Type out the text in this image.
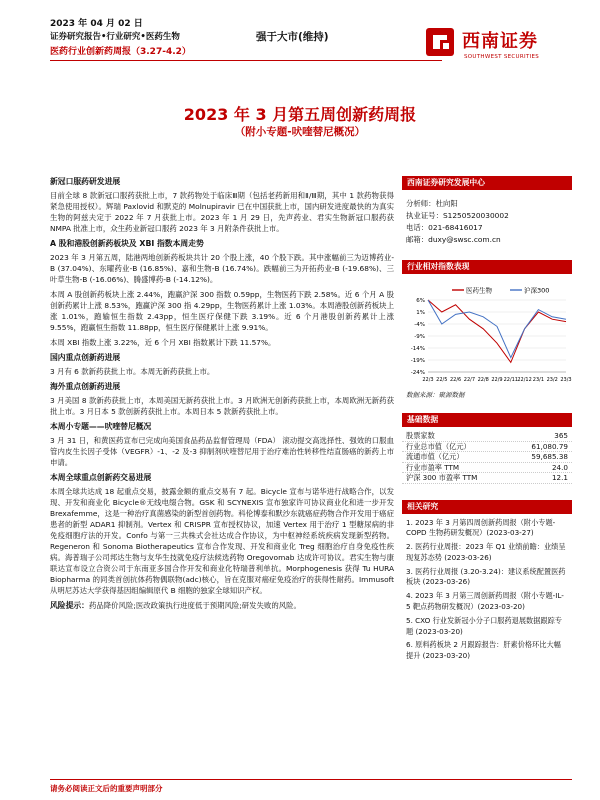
2023 年 04 月 02 日
证券研究报告•行业研究•医药生物
医药行业创新药周报（3.27-4.2）
强于大市(维持)	西南证券
SOUTHWEST SECURITIES
2023 年 3 月第五周创新药周报
（附小专题-吠喹替尼概况）
新冠口服药研发进展
目前全球 8 款新冠口服药获批上市，7 款药物处于临床Ⅲ期（包括老药新用和Ⅱ/Ⅲ期，其中 1 款药物获得紧急使用授权）。辉瑞 Paxlovid 和默克的 Molnupiravir 已在中国获批上市，国内研发进度最快的为真实生物的阿兹夫定于 2022 年 7 月获批上市。2023 年 1 月 29 日，先声药业、君实生物新冠口服药获 NMPA 批准上市，众生药业新冠口服药 2023 年 3 月附条件获批上市。
A 股和港股创新药板块及 XBI 指数本周走势
2023 年 3 月第五周，陆港两地创新药板块共计 20 个股上涨，40 个股下跌。其中涨幅前三为迈博药业-B (37.04%)、东曜药业-B (16.85%)、嘉和生物-B (16.74%)。跌幅前三为开拓药业-B (-19.68%)、三叶草生物-B (-16.06%)、腾盛博药-B (-14.12%)。
本周 A 股创新药板块上涨 2.44%，跑赢沪深 300 指数 0.59pp，生物医药下跌 2.58%。近 6 个月 A 股创新药累计上涨 8.53%，跑赢沪深 300 指 4.29pp，生物医药累计上涨 1.03%。本周港股创新药板块上涨 1.01%，跑输恒生指数 2.43pp，恒生医疗保健下跌 3.19%。近 6 个月港股创新药累计上涨 9.55%，跑赢恒生指数 11.88pp，恒生医疗保健累计上涨 9.91%。
本周 XBI 指数上涨 3.22%，近 6 个月 XBI 指数累计下跌 11.57%。
国内重点创新药进展
3 月有 6 款新药获批上市。本周无新药获批上市。
海外重点创新药进展
3 月美国 8 款新药获批上市，本周美国无新药获批上市。3 月欧洲无创新药获批上市，本周欧洲无新药获批上市。3 月日本 5 款创新药获批上市。本周日本 5 款新药获批上市。
本周小专题——吠喹替尼概况
3 月 31 日，和黄医药宣布已完成向美国食品药品监督管理局（FDA） 滚动提交高选择性、强效的口服血管内皮生长因子受体（VEGFR）-1、-2 及-3 抑制剂吠喹替尼用于治疗难治性转移性结直肠癌的新药上市申请。
本周全球重点创新药交易进展
本周全球共达成 18 起重点交易，披露金额的重点交易有 7 起。Bicycle 宣布与诺华进行战略合作，以发现、开发和商业化 Bicycle®无线电缀合物。GSK 和 SCYNEXIS 宣布独家许可协议商业化和进一步开发 Brexafemme，这是一种治疗真菌感染的新型首创药物。科伦博泰和默沙东就癌症药物合作开发用于癌症患者的新型 ADAR1 抑制剂。Vertex 和 CRISPR 宣布授权协议，加速 Vertex 用于治疗 1 型糖尿病的非免疫细胞疗法的开发。Confo 与第一三共株式会社达成合作协议，为中枢神经系统疾病发现新型药物。Regeneron 和 Sonoma Biotherapeutics 宣布合作发现、开发和商业化 Treg 细胞治疗自身免疫性疾病。海普瑞子公司邦达生物与友华生技就免疫疗法候选药物 Oregovomab 达成许可协议。君实生物与康联达宣布设立合资公司于东南亚多国合作开发和商业化特瑞普利单抗。Morphogenesis 获得 Tu HURA Biopharma 的同类首创抗体药物偶联物(adc)核心，旨在克服对癌症免疫治疗的获得性耐药。Immusoft 从明尼苏达大学获得基因组编辑原代 B 细胞的独家全球知识产权。
风险提示： 药品降价风险;医改政策执行进度低于预期风险;研发失败的风险。
西南证券研究发展中心
分析师：杜向阳
执业证号：S1250520030002
电话：021-68416017
邮箱：duxy@swsc.com.cn
行业相对指数表现
6%
1%
-4%
-9%
-14%
-19%
-24%
22/3 22/5 22/6 22/7 22/8 22/9 22/11 22/12 23/1 23/2 23/3
医药生物	沪深300
数据来源：聚源数据
基础数据
股票家数	365
行业总市值（亿元）	61,080.79
流通市值（亿元）	59,685.38
行业市盈率 TTM	24.0
沪深 300 市盈率 TTM	12.1
相关研究
1. 2023 年 3 月第四周创新药周报（附小专题-COPD 生物药研发概况）(2023-03-27)
2. 医药行业周报：2023 年 Q1 业绩前瞻：业绩呈现复苏态势 (2023-03-26)
3. 医药行业周报 (3.20-3.24)：建议系统配置医药板块 (2023-03-26)
4. 2023 年 3 月第三周创新药周报（附小专题-IL-5 靶点药物研发概况）(2023-03-20)
5. CXO 行业发新冠小分子口服药退展数据跟踪专题 (2023-03-20)
6. 原料药板块 2 月跟踪报告：肝素价格环比大幅提升 (2023-03-20)
请务必阅读正文后的重要声明部分
